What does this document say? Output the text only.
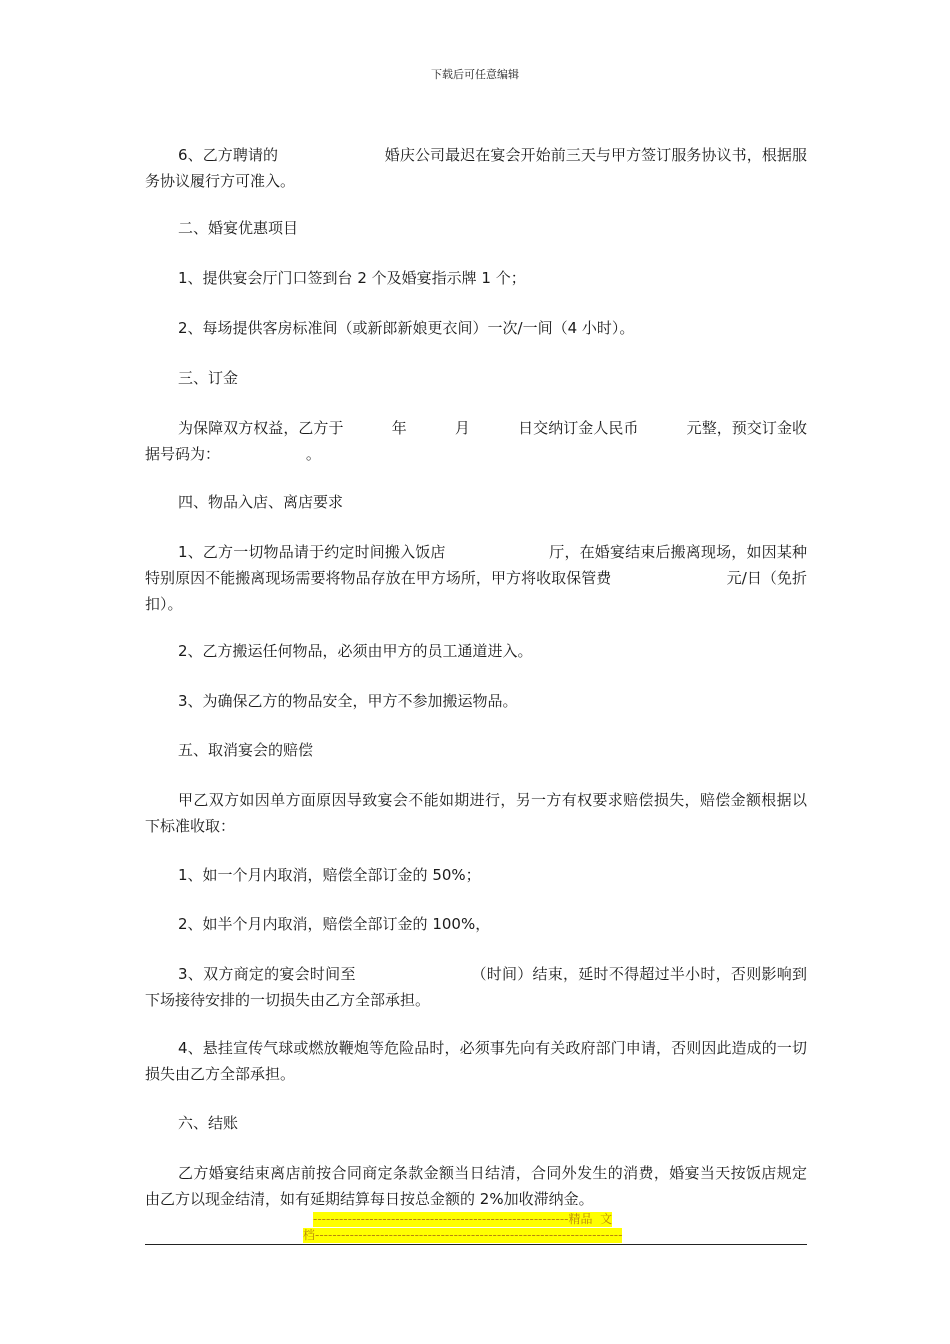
下载后可任意编辑

6、乙方聘请的                      婚庆公司最迟在宴会开始前三天与甲方签订服务协议书，根据服务协议履行方可准入。

二、婚宴优惠项目

1、提供宴会厅门口签到台 2 个及婚宴指示牌 1 个；

2、每场提供客房标准间（或新郎新娘更衣间）一次/一间（4 小时）。

三、订金

为保障双方权益，乙方于          年          月          日交纳订金人民币          元整，预交订金收据号码为：                  。

四、物品入店、离店要求

1、乙方一切物品请于约定时间搬入饭店                     厅，在婚宴结束后搬离现场，如因某种特别原因不能搬离现场需要将物品存放在甲方场所，甲方将收取保管费                        元/日（免折扣）。

2、乙方搬运任何物品，必须由甲方的员工通道进入。

3、为确保乙方的物品安全，甲方不参加搬运物品。

五、取消宴会的赔偿

甲乙双方如因单方面原因导致宴会不能如期进行，另一方有权要求赔偿损失，赔偿金额根据以下标准收取：

1、如一个月内取消，赔偿全部订金的 50%；

2、如半个月内取消，赔偿全部订金的 100%，

3、双方商定的宴会时间至                       （时间）结束，延时不得超过半小时，否则影响到下场接待安排的一切损失由乙方全部承担。

4、悬挂宣传气球或燃放鞭炮等危险品时，必须事先向有关政府部门申请，否则因此造成的一切损失由乙方全部承担。

六、结账

乙方婚宴结束离店前按合同商定条款金额当日结清，合同外发生的消费，婚宴当天按饭店规定由乙方以现金结清，如有延期结算每日按总金额的 2%加收滞纳金。

-----------------------------------------------------------精品  文
档-----------------------------------------------------------------------
